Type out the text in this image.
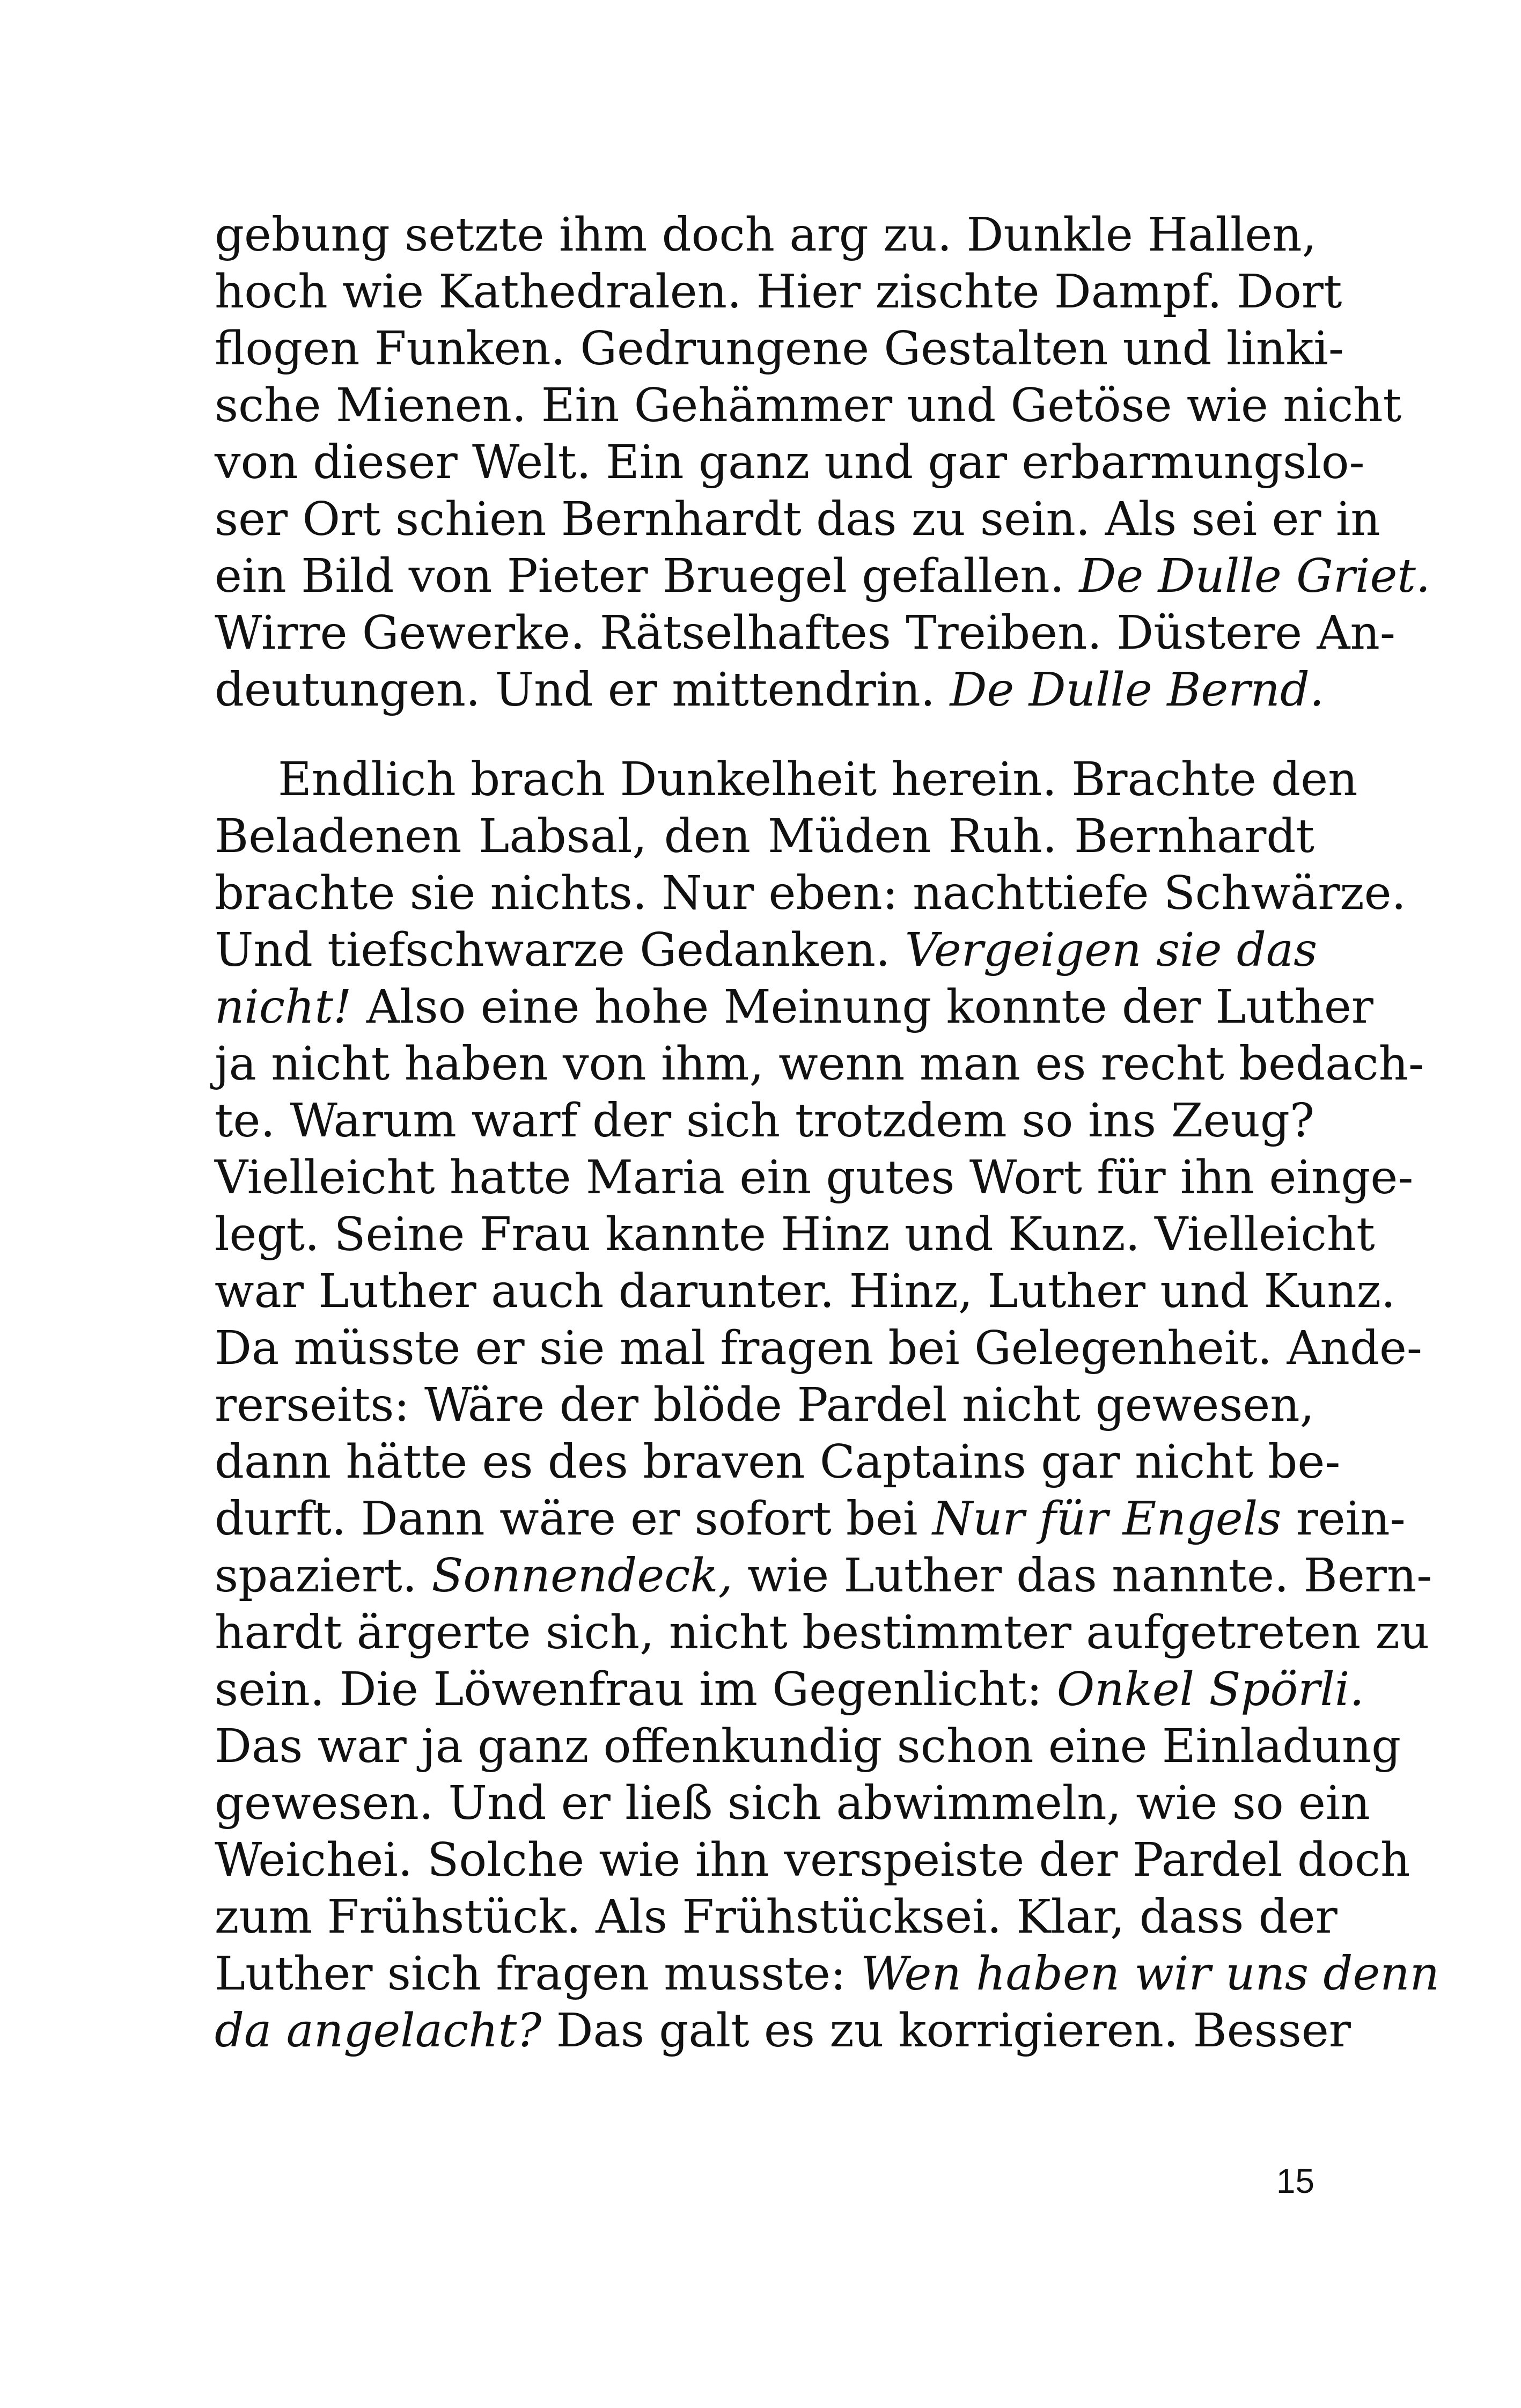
gebung setzte ihm doch arg zu. Dunkle Hallen,
hoch wie Kathedralen. Hier zischte Dampf. Dort
flogen Funken. Gedrungene Gestalten und linki-
sche Mienen. Ein Gehämmer und Getöse wie nicht
von dieser Welt. Ein ganz und gar erbarmungslo-
ser Ort schien Bernhardt das zu sein. Als sei er in
ein Bild von Pieter Bruegel gefallen. De Dulle Griet.
Wirre Gewerke. Rätselhaftes Treiben. Düstere An-
deutungen. Und er mittendrin. De Dulle Bernd.
Endlich brach Dunkelheit herein. Brachte den
Beladenen Labsal, den Müden Ruh. Bernhardt
brachte sie nichts. Nur eben: nachttiefe Schwärze.
Und tiefschwarze Gedanken. Vergeigen sie das
nicht! Also eine hohe Meinung konnte der Luther
ja nicht haben von ihm, wenn man es recht bedach-
te. Warum warf der sich trotzdem so ins Zeug?
Vielleicht hatte Maria ein gutes Wort für ihn einge-
legt. Seine Frau kannte Hinz und Kunz. Vielleicht
war Luther auch darunter. Hinz, Luther und Kunz.
Da müsste er sie mal fragen bei Gelegenheit. Ande-
rerseits: Wäre der blöde Pardel nicht gewesen,
dann hätte es des braven Captains gar nicht be-
durft. Dann wäre er sofort bei Nur für Engels rein-
spaziert. Sonnendeck, wie Luther das nannte. Bern-
hardt ärgerte sich, nicht bestimmter aufgetreten zu
sein. Die Löwenfrau im Gegenlicht: Onkel Spörli.
Das war ja ganz offenkundig schon eine Einladung
gewesen. Und er ließ sich abwimmeln, wie so ein
Weichei. Solche wie ihn verspeiste der Pardel doch
zum Frühstück. Als Frühstücksei. Klar, dass der
Luther sich fragen musste: Wen haben wir uns denn
da angelacht? Das galt es zu korrigieren. Besser
15
